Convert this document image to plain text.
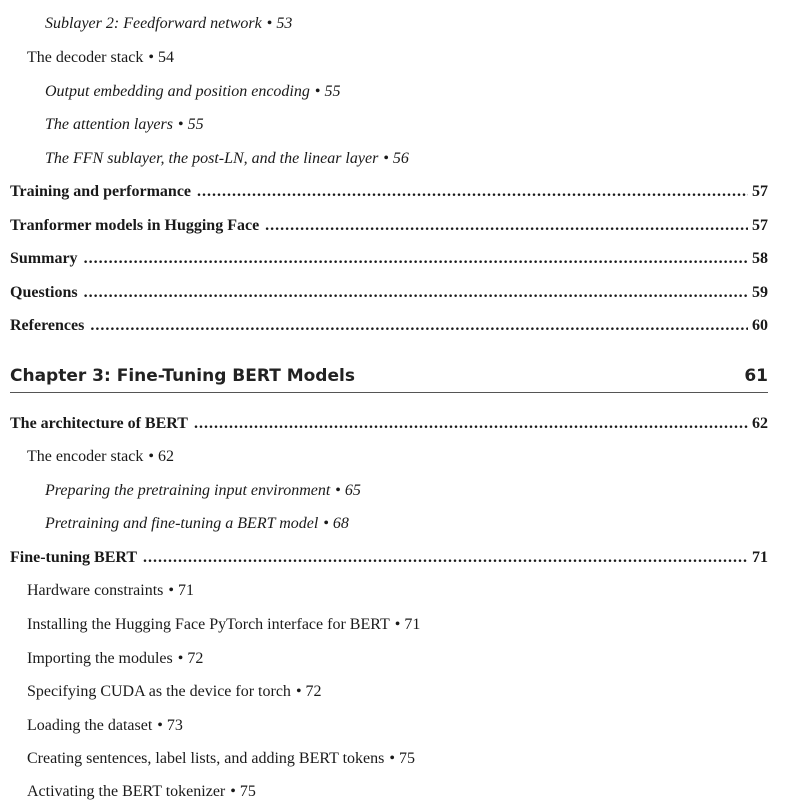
Sublayer 2: Feedforward network • 53
The decoder stack • 54
Output embedding and position encoding • 55
The attention layers • 55
The FFN sublayer, the post-LN, and the linear layer • 56
Training and performance .....	57
Tranformer models in Hugging Face .....	57
Summary .....	58
Questions .....	59
References .....	60
Chapter 3: Fine-Tuning BERT Models	61
The architecture of BERT .....	62
The encoder stack • 62
Preparing the pretraining input environment • 65
Pretraining and fine-tuning a BERT model • 68
Fine-tuning BERT .....	71
Hardware constraints • 71
Installing the Hugging Face PyTorch interface for BERT • 71
Importing the modules • 72
Specifying CUDA as the device for torch • 72
Loading the dataset • 73
Creating sentences, label lists, and adding BERT tokens • 75
Activating the BERT tokenizer • 75
